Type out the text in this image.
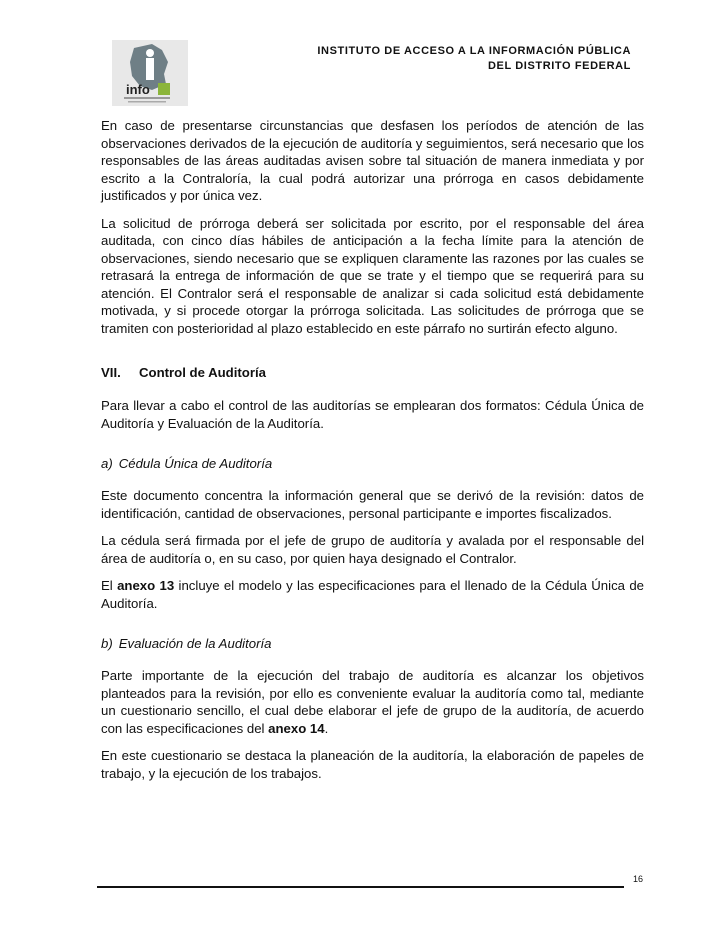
info
INSTITUTO DE ACCESO A LA INFORMACIÓN PÚBLICA
DEL DISTRITO FEDERAL

En caso de presentarse circunstancias que desfasen los períodos de atención de las observaciones derivados de la ejecución de auditoría y seguimientos, será necesario que los responsables de las áreas auditadas avisen sobre tal situación de manera inmediata y por escrito a la Contraloría, la cual podrá autorizar una prórroga en casos debidamente justificados y por única vez.

La solicitud de prórroga deberá ser solicitada por escrito, por el responsable del área auditada, con cinco días hábiles de anticipación a la fecha límite para la atención de observaciones, siendo necesario que se expliquen claramente las razones por las cuales se retrasará la entrega de información de que se trate y el tiempo que se requerirá para su atención. El Contralor será el responsable de analizar si cada solicitud está debidamente motivada, y si procede otorgar la prórroga solicitada. Las solicitudes de prórroga que se tramiten con posterioridad al plazo establecido en este párrafo no surtirán efecto alguno.

VII.	Control de Auditoría

Para llevar a cabo el control de las auditorías se emplearan dos formatos: Cédula Única de Auditoría y Evaluación de la Auditoría.

a) Cédula Única de Auditoría

Este documento concentra la información general que se derivó de la revisión: datos de identificación, cantidad de observaciones, personal participante e importes fiscalizados.

La cédula será firmada por el jefe de grupo de auditoría y avalada por el responsable del área de auditoría o, en su caso, por quien haya designado el Contralor.

El anexo 13 incluye el modelo y las especificaciones para el llenado de la Cédula Única de Auditoría.

b) Evaluación de la Auditoría

Parte importante de la ejecución del trabajo de auditoría es alcanzar los objetivos planteados para la revisión, por ello es conveniente evaluar la auditoría como tal, mediante un cuestionario sencillo, el cual debe elaborar el jefe de grupo de la auditoría, de acuerdo con las especificaciones del anexo 14.

En este cuestionario se destaca la planeación de la auditoría, la elaboración de papeles de trabajo, y la ejecución de los trabajos.

16
